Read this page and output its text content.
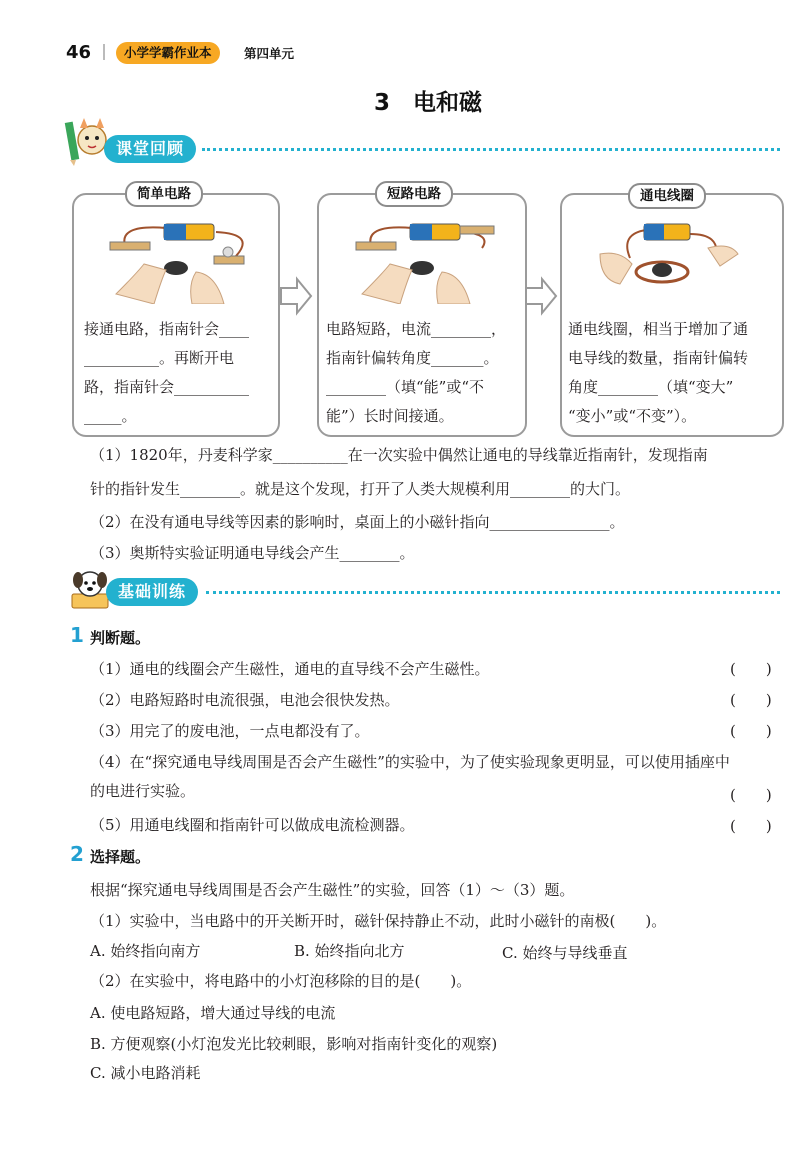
46	小学学霸作业本	第四单元
3　电和磁
课堂回顾
简单电路
接通电路，指南针会____
__________。再断开电
路，指南针会__________
_____。
短路电路
电路短路，电流________，
指南针偏转角度_______。
________（填“能”或“不
能”）长时间接通。
通电线圈
通电线圈，相当于增加了通
电导线的数量，指南针偏转
角度________（填“变大”
“变小”或“不变”）。
（1）1820年，丹麦科学家__________在一次实验中偶然让通电的导线靠近指南针，发现指南
针的指针发生________。就是这个发现，打开了人类大规模利用________的大门。
（2）在没有通电导线等因素的影响时，桌面上的小磁针指向________________。
（3）奥斯特实验证明通电导线会产生________。
基础训练
1 判断题。
（1）通电的线圈会产生磁性，通电的直导线不会产生磁性。	(　　)
（2）电路短路时电流很强，电池会很快发热。	(　　)
（3）用完了的废电池，一点电都没有了。	(　　)
（4）在“探究通电导线周围是否会产生磁性”的实验中，为了使实验现象更明显，可以使用插座中
的电进行实验。	(　　)
（5）用通电线圈和指南针可以做成电流检测器。	(　　)
2 选择题。
根据“探究通电导线周围是否会产生磁性”的实验，回答（1）～（3）题。
（1）实验中，当电路中的开关断开时，磁针保持静止不动，此时小磁针的南极(　　)。
A. 始终指向南方	B. 始终指向北方	C. 始终与导线垂直
（2）在实验中，将电路中的小灯泡移除的目的是(　　)。
A. 使电路短路，增大通过导线的电流
B. 方便观察(小灯泡发光比较刺眼，影响对指南针变化的观察)
C. 减小电路消耗
